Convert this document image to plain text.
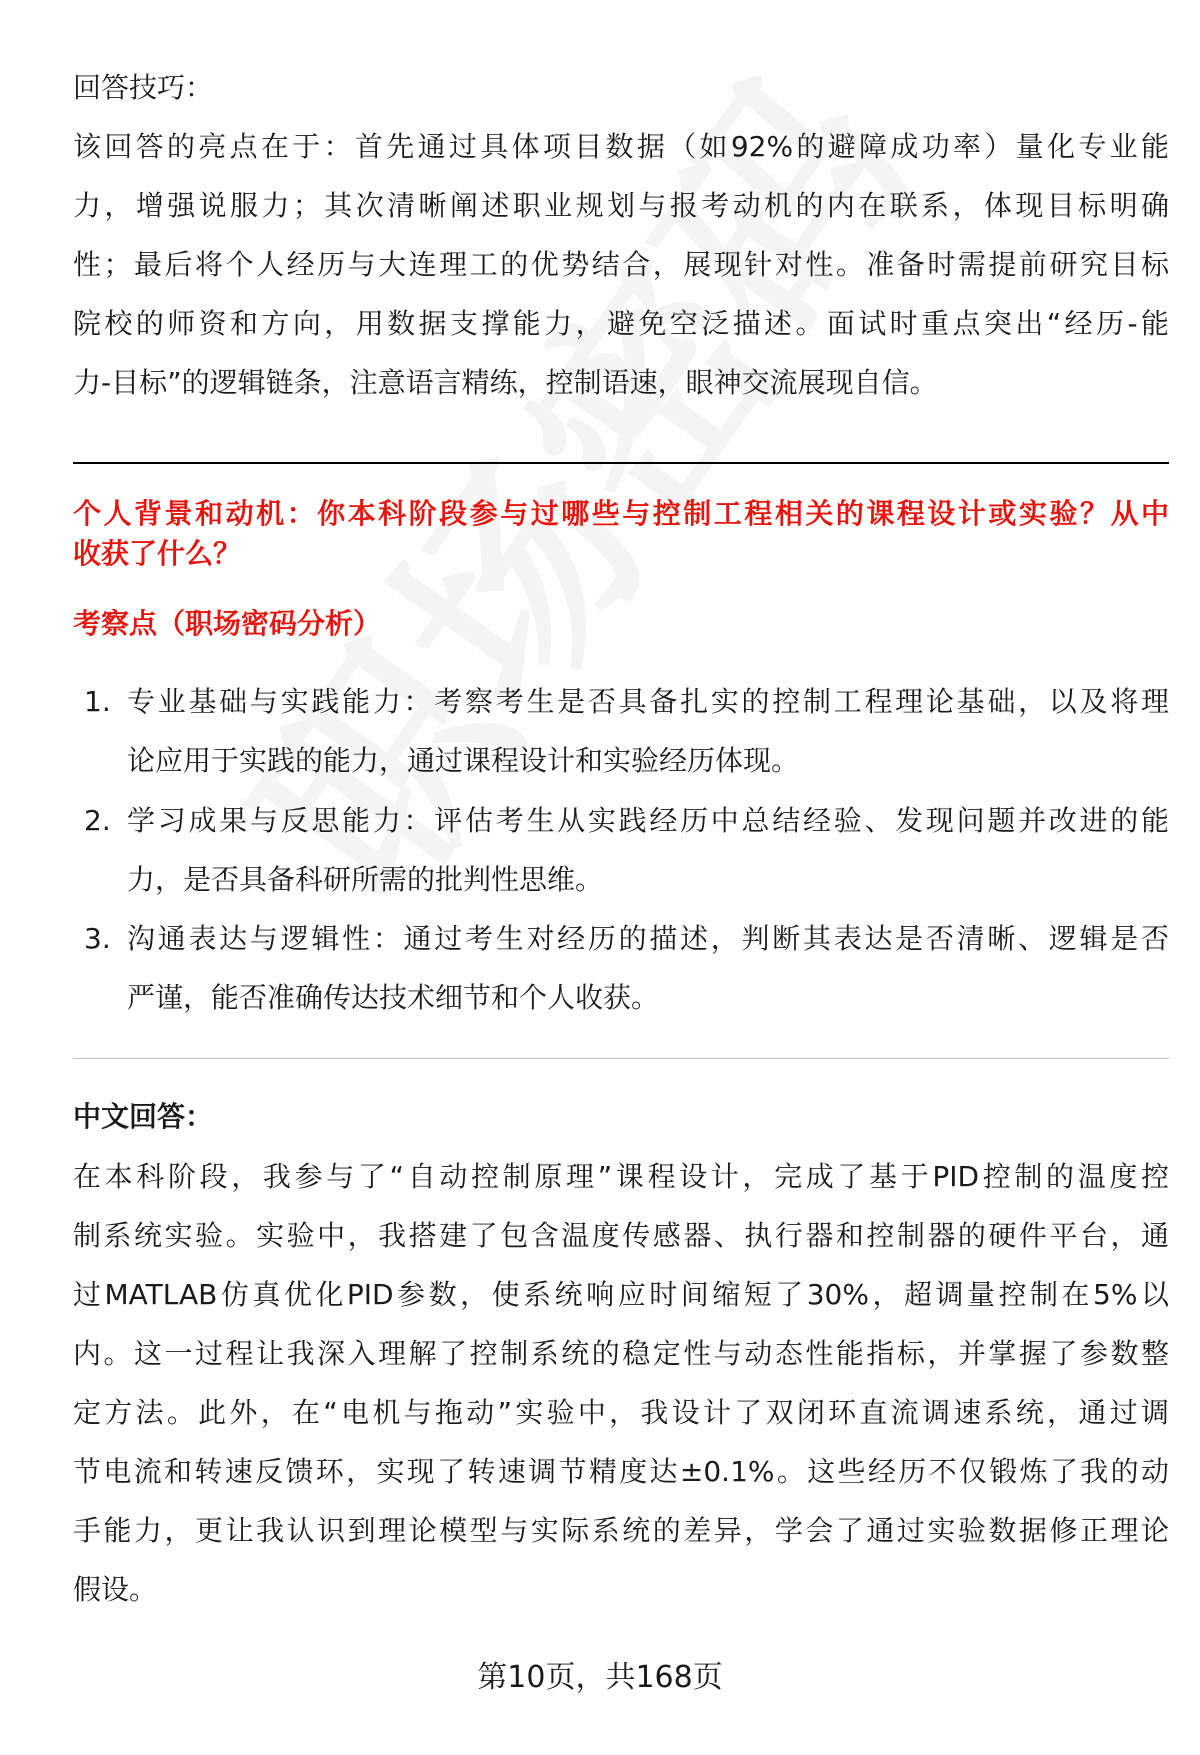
回答技巧：
该回答的亮点在于：首先通过具体项目数据（如92%的避障成功率）量化专业能
力，增强说服力；其次清晰阐述职业规划与报考动机的内在联系，体现目标明确
性；最后将个人经历与大连理工的优势结合，展现针对性。准备时需提前研究目标
院校的师资和方向，用数据支撑能力，避免空泛描述。面试时重点突出“经历-能
力-目标”的逻辑链条，注意语言精练，控制语速，眼神交流展现自信。
个人背景和动机：你本科阶段参与过哪些与控制工程相关的课程设计或实验？从中
收获了什么？
考察点（职场密码分析）
1. 专业基础与实践能力：考察考生是否具备扎实的控制工程理论基础，以及将理
论应用于实践的能力，通过课程设计和实验经历体现。
2. 学习成果与反思能力：评估考生从实践经历中总结经验、发现问题并改进的能
力，是否具备科研所需的批判性思维。
3. 沟通表达与逻辑性：通过考生对经历的描述，判断其表达是否清晰、逻辑是否
严谨，能否准确传达技术细节和个人收获。
中文回答：
在本科阶段，我参与了“自动控制原理”课程设计，完成了基于PID控制的温度控
制系统实验。实验中，我搭建了包含温度传感器、执行器和控制器的硬件平台，通
过MATLAB仿真优化PID参数，使系统响应时间缩短了30%，超调量控制在5%以
内。这一过程让我深入理解了控制系统的稳定性与动态性能指标，并掌握了参数整
定方法。此外，在“电机与拖动”实验中，我设计了双闭环直流调速系统，通过调
节电流和转速反馈环，实现了转速调节精度达±0.1%。这些经历不仅锻炼了我的动
手能力，更让我认识到理论模型与实际系统的差异，学会了通过实验数据修正理论
假设。
第10页，共168页
